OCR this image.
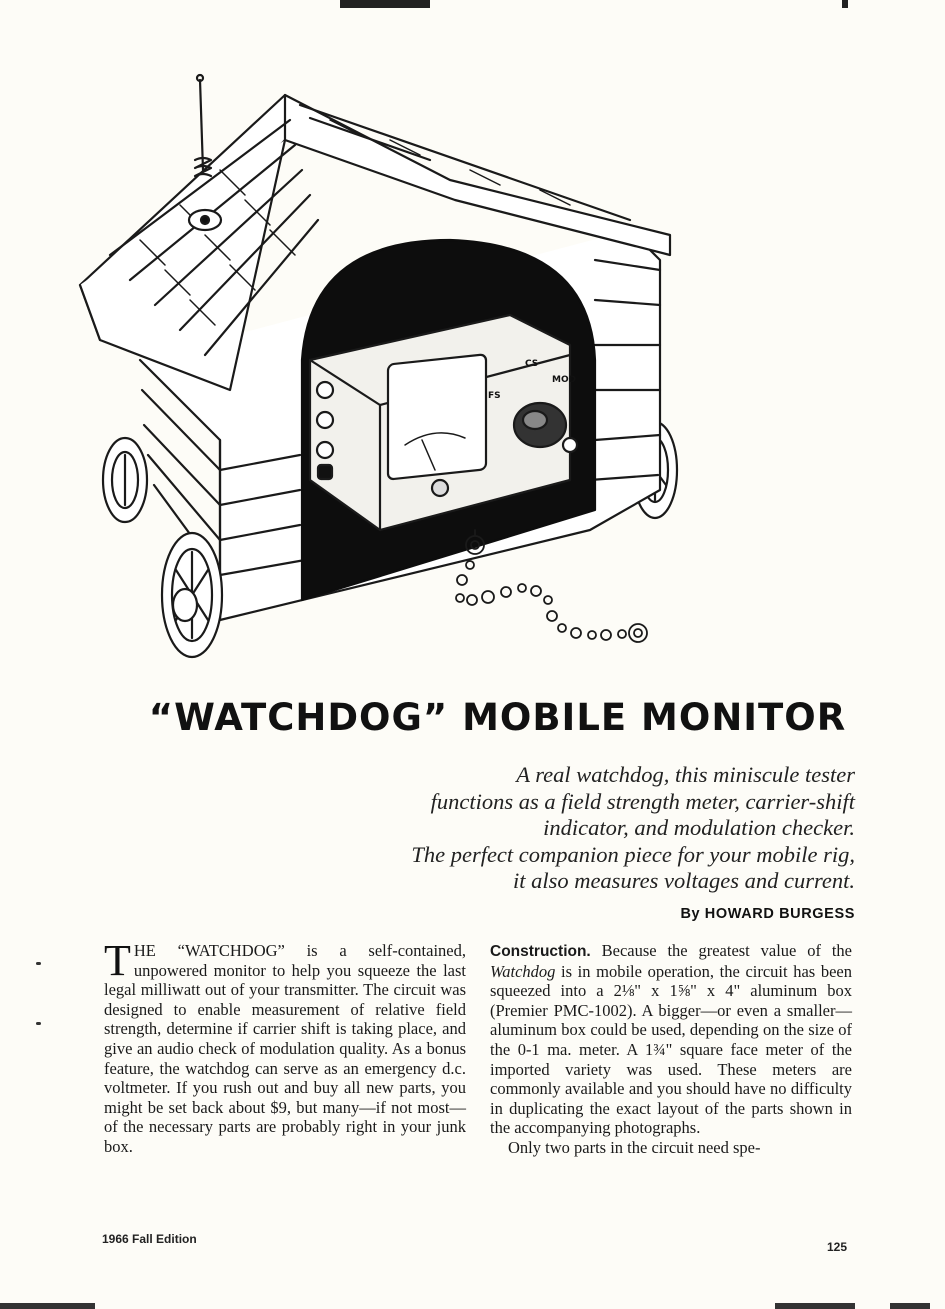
CS
FS
MOD
“WATCHDOG” MOBILE MONITOR
A real watchdog, this miniscule tester
functions as a field strength meter, carrier-shift
indicator, and modulation checker.
The perfect companion piece for your mobile rig,
it also measures voltages and current.
By HOWARD BURGESS

THE “WATCHDOG” is a self-contained, unpowered monitor to help you squeeze the last legal milliwatt out of your transmitter. The circuit was designed to enable measurement of relative field strength, determine if carrier shift is taking place, and give an audio check of modulation quality. As a bonus feature, the watchdog can serve as an emergency d.c. voltmeter. If you rush out and buy all new parts, you might be set back about $9, but many—if not most—of the necessary parts are probably right in your junk box.

Construction. Because the greatest value of the Watchdog is in mobile operation, the circuit has been squeezed into a 2⅛" x 1⅝" x 4" aluminum box (Premier PMC-1002). A bigger—or even a smaller—aluminum box could be used, depending on the size of the 0-1 ma. meter. A 1¾" square face meter of the imported variety was used. These meters are commonly available and you should have no difficulty in duplicating the exact layout of the parts shown in the accompanying photographs.

Only two parts in the circuit need spe-

1966 Fall Edition
125
